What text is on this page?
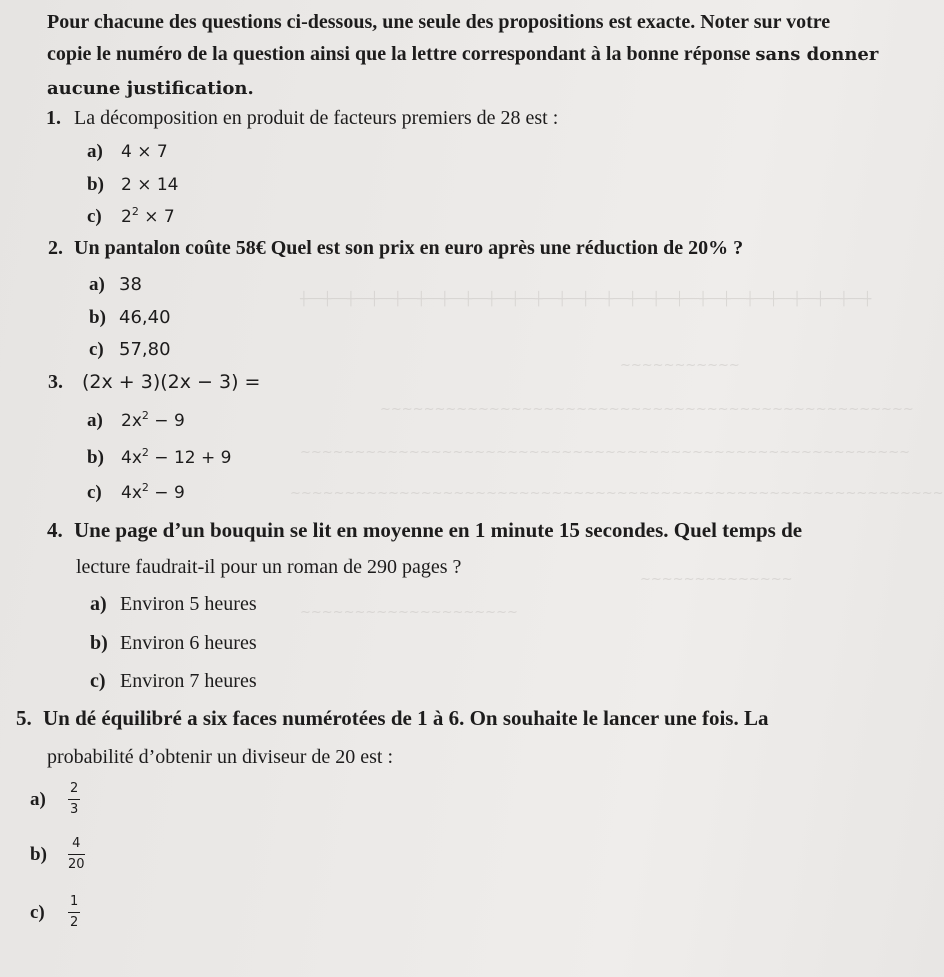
┼──┼──┼──┼──┼──┼──┼──┼──┼──┼──┼──┼──┼──┼──┼──┼──┼──┼──┼──┼──┼──┼──┼──┼──┼
~~~~~~~~~~~
~~~~~~~~~~~~~~~~~~~~~~~~~~~~~~~~~~~~~~~~~~~~~~~~~
~~~~~~~~~~~~~~~~~~~~~~~~~~~~~~~~~~~~~~~~~~~~~~~~~~~~~~~~
~~~~~~~~~~~~~~~~~~~~~~~~~~~~~~~~~~~~~~~~~~~~~~~~~~~~~~~~~~~~
~~~~~~~~~~~~~~
~~~~~~~~~~~~~~~~~~~~
Pour chacune des questions ci-dessous, une seule des propositions est exacte. Noter sur votre
copie le numéro de la question ainsi que la lettre correspondant à la bonne réponse sans donner
aucune justification.
1. La décomposition en produit de facteurs premiers de 28 est :
a) 4 × 7
b) 2 × 14
c) $2^2 \times 7$
2. Un pantalon coûte 58€ Quel est son prix en euro après une réduction de 20% ?
a) 38
b) 46,40
c) 57,80
3. (2x + 3)(2x − 3) =
a) $2x^2 - 9$
b) $4x^2 - 12 + 9$
c) $4x^2 - 9$
4. Une page d’un bouquin se lit en moyenne en 1 minute 15 secondes. Quel temps de
lecture faudrait-il pour un roman de 290 pages ?
a) Environ 5 heures
b) Environ 6 heures
c) Environ 7 heures
5. Un dé équilibré a six faces numérotées de 1 à 6. On souhaite le lancer une fois. La
probabilité d’obtenir un diviseur de 20 est :
$a) \frac{2}{3}$
$b) \frac{4}{20}$
$c) \frac{1}{2}$
